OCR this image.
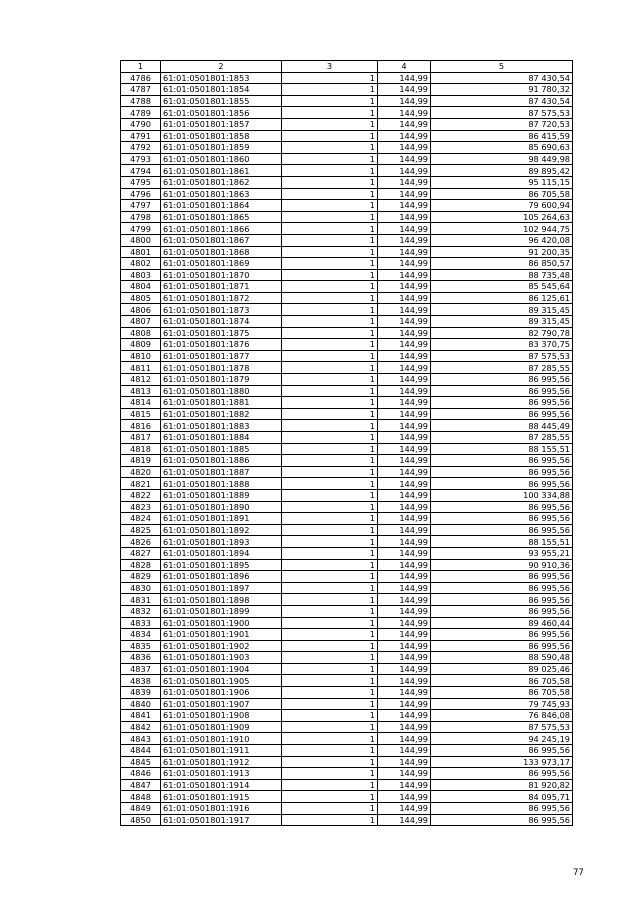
1	2	3	4	5
4786	61:01:0501801:1853	1	144,99	87 430,54
4787	61:01:0501801:1854	1	144,99	91 780,32
4788	61:01:0501801:1855	1	144,99	87 430,54
4789	61:01:0501801:1856	1	144,99	87 575,53
4790	61:01:0501801:1857	1	144,99	87 720,53
4791	61:01:0501801:1858	1	144,99	86 415,59
4792	61:01:0501801:1859	1	144,99	85 690,63
4793	61:01:0501801:1860	1	144,99	98 449,98
4794	61:01:0501801:1861	1	144,99	89 895,42
4795	61:01:0501801:1862	1	144,99	95 115,15
4796	61:01:0501801:1863	1	144,99	86 705,58
4797	61:01:0501801:1864	1	144,99	79 600,94
4798	61:01:0501801:1865	1	144,99	105 264,63
4799	61:01:0501801:1866	1	144,99	102 944,75
4800	61:01:0501801:1867	1	144,99	96 420,08
4801	61:01:0501801:1868	1	144,99	91 200,35
4802	61:01:0501801:1869	1	144,99	86 850,57
4803	61:01:0501801:1870	1	144,99	88 735,48
4804	61:01:0501801:1871	1	144,99	85 545,64
4805	61:01:0501801:1872	1	144,99	86 125,61
4806	61:01:0501801:1873	1	144,99	89 315,45
4807	61:01:0501801:1874	1	144,99	89 315,45
4808	61:01:0501801:1875	1	144,99	82 790,78
4809	61:01:0501801:1876	1	144,99	83 370,75
4810	61:01:0501801:1877	1	144,99	87 575,53
4811	61:01:0501801:1878	1	144,99	87 285,55
4812	61:01:0501801:1879	1	144,99	86 995,56
4813	61:01:0501801:1880	1	144,99	86 995,56
4814	61:01:0501801:1881	1	144,99	86 995,56
4815	61:01:0501801:1882	1	144,99	86 995,56
4816	61:01:0501801:1883	1	144,99	88 445,49
4817	61:01:0501801:1884	1	144,99	87 285,55
4818	61:01:0501801:1885	1	144,99	88 155,51
4819	61:01:0501801:1886	1	144,99	86 995,56
4820	61:01:0501801:1887	1	144,99	86 995,56
4821	61:01:0501801:1888	1	144,99	86 995,56
4822	61:01:0501801:1889	1	144,99	100 334,88
4823	61:01:0501801:1890	1	144,99	86 995,56
4824	61:01:0501801:1891	1	144,99	86 995,56
4825	61:01:0501801:1892	1	144,99	86 995,56
4826	61:01:0501801:1893	1	144,99	88 155,51
4827	61:01:0501801:1894	1	144,99	93 955,21
4828	61:01:0501801:1895	1	144,99	90 910,36
4829	61:01:0501801:1896	1	144,99	86 995,56
4830	61:01:0501801:1897	1	144,99	86 995,56
4831	61:01:0501801:1898	1	144,99	86 995,56
4832	61:01:0501801:1899	1	144,99	86 995,56
4833	61:01:0501801:1900	1	144,99	89 460,44
4834	61:01:0501801:1901	1	144,99	86 995,56
4835	61:01:0501801:1902	1	144,99	86 995,56
4836	61:01:0501801:1903	1	144,99	88 590,48
4837	61:01:0501801:1904	1	144,99	89 025,46
4838	61:01:0501801:1905	1	144,99	86 705,58
4839	61:01:0501801:1906	1	144,99	86 705,58
4840	61:01:0501801:1907	1	144,99	79 745,93
4841	61:01:0501801:1908	1	144,99	76 846,08
4842	61:01:0501801:1909	1	144,99	87 575,53
4843	61:01:0501801:1910	1	144,99	94 245,19
4844	61:01:0501801:1911	1	144,99	86 995,56
4845	61:01:0501801:1912	1	144,99	133 973,17
4846	61:01:0501801:1913	1	144,99	86 995,56
4847	61:01:0501801:1914	1	144,99	81 920,82
4848	61:01:0501801:1915	1	144,99	84 095,71
4849	61:01:0501801:1916	1	144,99	86 995,56
4850	61:01:0501801:1917	1	144,99	86 995,56
77
